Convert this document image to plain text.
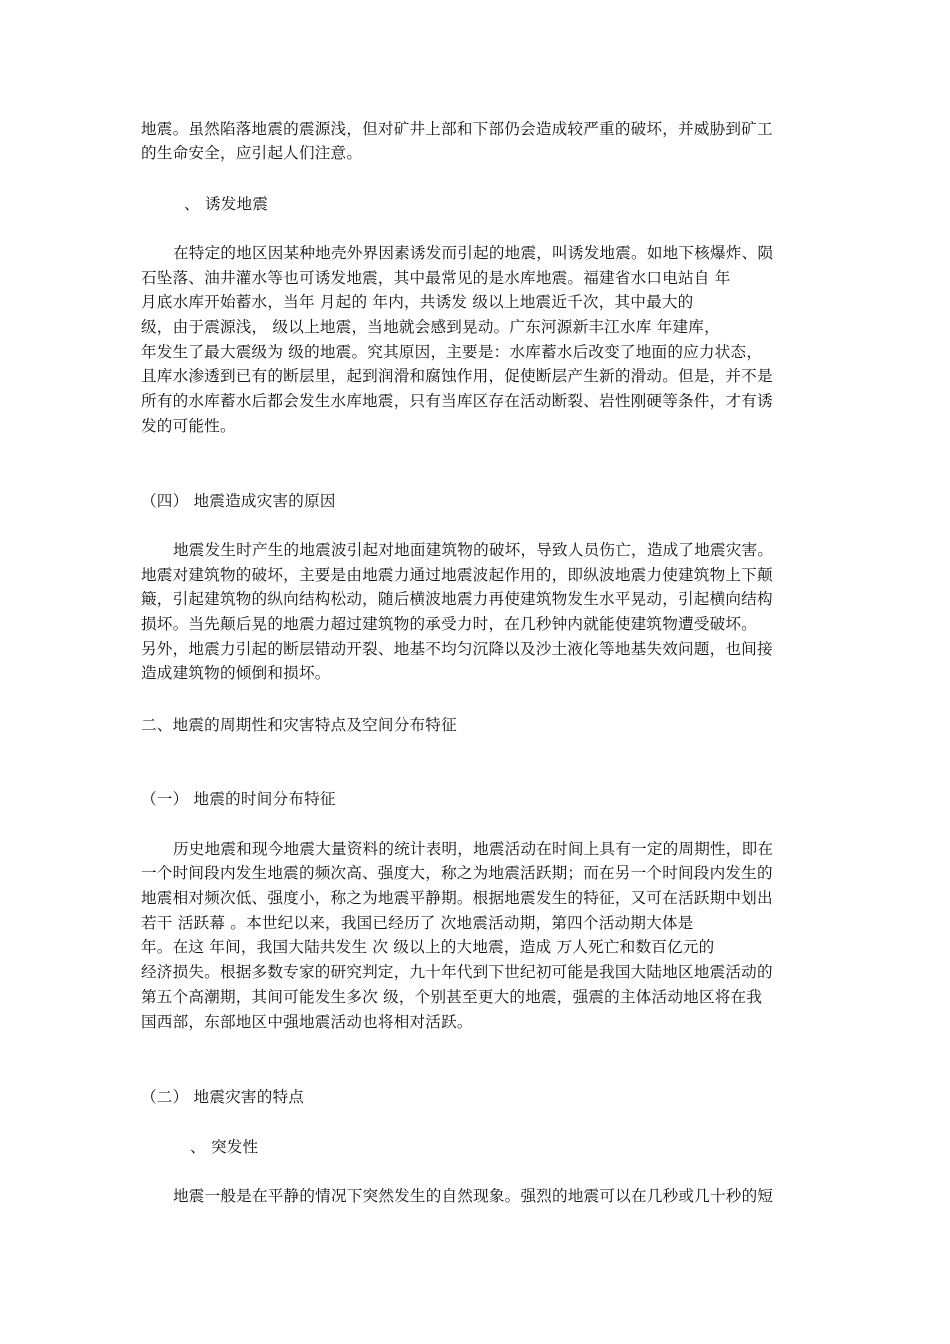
地震。虽然陷落地震的震源浅，但对矿井上部和下部仍会造成较严重的破坏，并威胁到矿工
的生命安全，应引起人们注意。
、 诱发地震
在特定的地区因某种地壳外界因素诱发而引起的地震，叫诱发地震。如地下核爆炸、陨
石坠落、油井灌水等也可诱发地震，其中最常见的是水库地震。福建省水口电站自 年
月底水库开始蓄水，当年 月起的 年内，共诱发 级以上地震近千次，其中最大的
级，由于震源浅， 级以上地震，当地就会感到晃动。广东河源新丰江水库 年建库，
年发生了最大震级为 级的地震。究其原因，主要是：水库蓄水后改变了地面的应力状态，
且库水渗透到已有的断层里，起到润滑和腐蚀作用，促使断层产生新的滑动。但是，并不是
所有的水库蓄水后都会发生水库地震，只有当库区存在活动断裂、岩性刚硬等条件，才有诱
发的可能性。
（四） 地震造成灾害的原因
地震发生时产生的地震波引起对地面建筑物的破坏，导致人员伤亡，造成了地震灾害。
地震对建筑物的破坏，主要是由地震力通过地震波起作用的，即纵波地震力使建筑物上下颠
簸，引起建筑物的纵向结构松动，随后横波地震力再使建筑物发生水平晃动，引起横向结构
损坏。当先颠后晃的地震力超过建筑物的承受力时，在几秒钟内就能使建筑物遭受破坏。
另外，地震力引起的断层错动开裂、地基不均匀沉降以及沙土液化等地基失效问题，也间接
造成建筑物的倾倒和损坏。
二、地震的周期性和灾害特点及空间分布特征
（一） 地震的时间分布特征
历史地震和现今地震大量资料的统计表明，地震活动在时间上具有一定的周期性，即在
一个时间段内发生地震的频次高、强度大，称之为地震活跃期；而在另一个时间段内发生的
地震相对频次低、强度小，称之为地震平静期。根据地震发生的特征，又可在活跃期中划出
若干 活跃幕 。本世纪以来，我国已经历了 次地震活动期，第四个活动期大体是
年。在这 年间，我国大陆共发生 次 级以上的大地震，造成 万人死亡和数百亿元的
经济损失。根据多数专家的研究判定，九十年代到下世纪初可能是我国大陆地区地震活动的
第五个高潮期，其间可能发生多次 级，个别甚至更大的地震，强震的主体活动地区将在我
国西部，东部地区中强地震活动也将相对活跃。
（二） 地震灾害的特点
、 突发性
地震一般是在平静的情况下突然发生的自然现象。强烈的地震可以在几秒或几十秒的短
